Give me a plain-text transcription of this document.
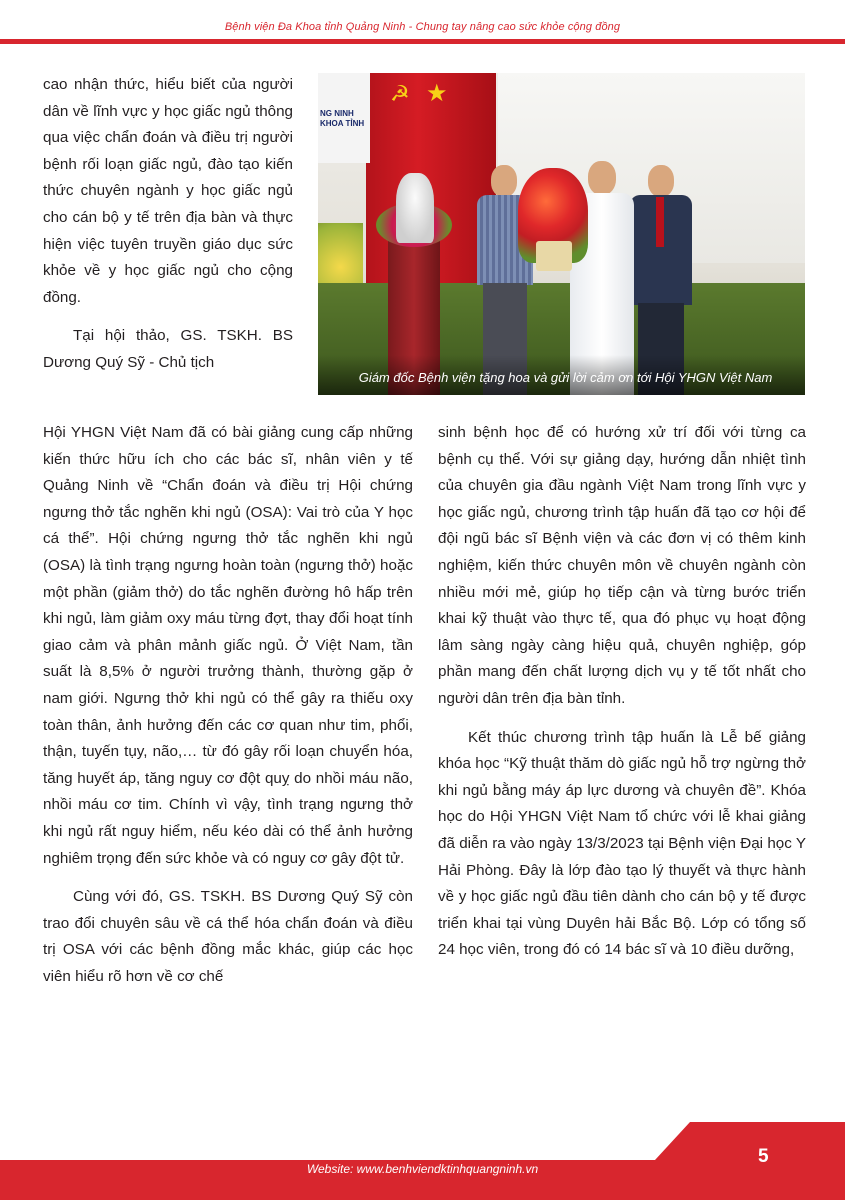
Bệnh viện Đa Khoa tỉnh Quảng Ninh - Chung tay nâng cao sức khỏe cộng đồng

cao nhận thức, hiểu biết của người dân về lĩnh vực y học giấc ngủ thông qua việc chẩn đoán và điều trị người bệnh rối loạn giấc ngủ, đào tạo kiến thức chuyên ngành y học giấc ngủ cho cán bộ y tế trên địa bàn và thực hiện việc tuyên truyền giáo dục sức khỏe về y học giấc ngủ cho cộng đồng.

Tại hội thảo, GS. TSKH. BS Dương Quý Sỹ - Chủ tịch

☭ ★
NG NINH
KHOA TỈNH
Giám đốc Bệnh viện tặng hoa và gửi lời cảm ơn tới Hội YHGN Việt Nam

Hội YHGN Việt Nam đã có bài giảng cung cấp những kiến thức hữu ích cho các bác sĩ, nhân viên y tế Quảng Ninh về “Chẩn đoán và điều trị Hội chứng ngưng thở tắc nghẽn khi ngủ (OSA): Vai trò của Y học cá thể”. Hội chứng ngưng thở tắc nghẽn khi ngủ (OSA) là tình trạng ngưng hoàn toàn (ngưng thở) hoặc một phần (giảm thở) do tắc nghẽn đường hô hấp trên khi ngủ, làm giảm oxy máu từng đợt, thay đổi hoạt tính giao cảm và phân mảnh giấc ngủ. Ở Việt Nam, tần suất là 8,5% ở người trưởng thành, thường gặp ở nam giới. Ngưng thở khi ngủ có thể gây ra thiếu oxy toàn thân, ảnh hưởng đến các cơ quan như tim, phổi, thận, tuyến tụy, não,… từ đó gây rối loạn chuyển hóa, tăng huyết áp, tăng nguy cơ đột quỵ do nhồi máu não, nhồi máu cơ tim. Chính vì vậy, tình trạng ngưng thở khi ngủ rất nguy hiểm, nếu kéo dài có thể ảnh hưởng nghiêm trọng đến sức khỏe và có nguy cơ gây đột tử.

Cùng với đó, GS. TSKH. BS Dương Quý Sỹ còn trao đổi chuyên sâu về cá thể hóa chẩn đoán và điều trị OSA với các bệnh đồng mắc khác, giúp các học viên hiểu rõ hơn về cơ chế

sinh bệnh học để có hướng xử trí đối với từng ca bệnh cụ thể. Với sự giảng dạy, hướng dẫn nhiệt tình của chuyên gia đầu ngành Việt Nam trong lĩnh vực y học giấc ngủ, chương trình tập huấn đã tạo cơ hội để đội ngũ bác sĩ Bệnh viện và các đơn vị có thêm kinh nghiệm, kiến thức chuyên môn về chuyên ngành còn nhiều mới mẻ, giúp họ tiếp cận và từng bước triển khai kỹ thuật vào thực tế, qua đó phục vụ hoạt động lâm sàng ngày càng hiệu quả, chuyên nghiệp, góp phần mang đến chất lượng dịch vụ y tế tốt nhất cho người dân trên địa bàn tỉnh.

Kết thúc chương trình tập huấn là Lễ bế giảng khóa học “Kỹ thuật thăm dò giấc ngủ hỗ trợ ngừng thở khi ngủ bằng máy áp lực dương và chuyên đề”. Khóa học do Hội YHGN Việt Nam tổ chức với lễ khai giảng đã diễn ra vào ngày 13/3/2023 tại Bệnh viện Đại học Y Hải Phòng. Đây là lớp đào tạo lý thuyết và thực hành về y học giấc ngủ đầu tiên dành cho cán bộ y tế được triển khai tại vùng Duyên hải Bắc Bộ. Lớp có tổng số 24 học viên, trong đó có 14 bác sĩ và 10 điều dưỡng,

Website: www.benhviendktinhquangninh.vn
5
